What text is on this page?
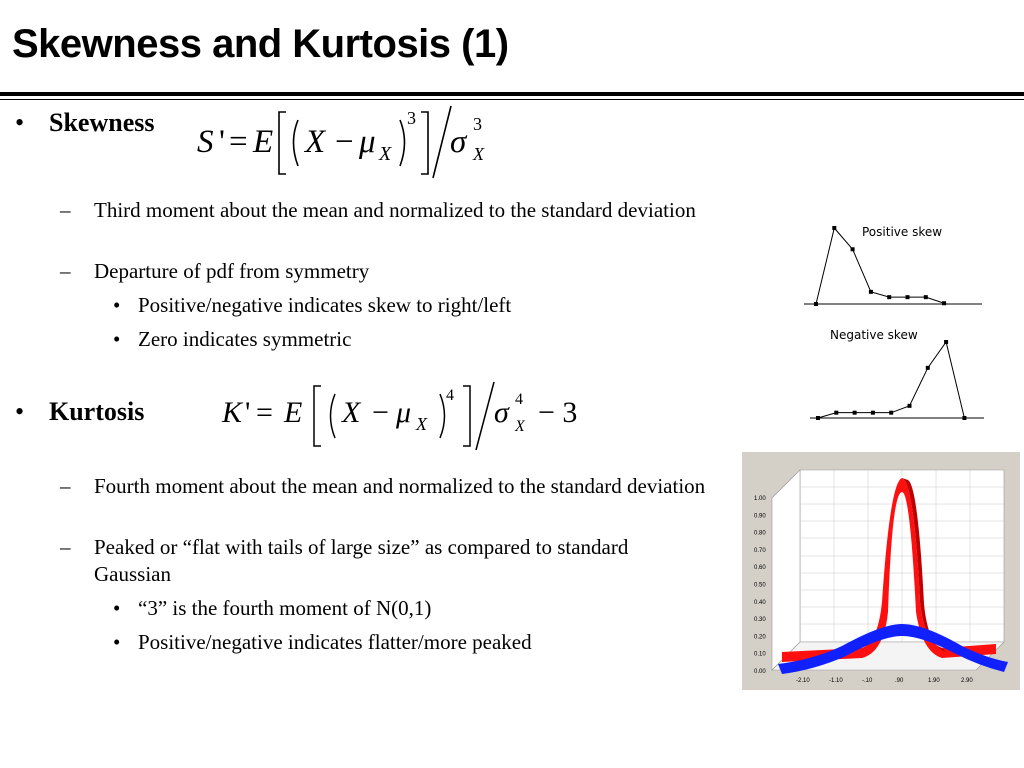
Skewness and Kurtosis (1)
• Skewness
S ' = E X − μ X
3
σ 3
X
– Third moment about the mean and normalized to the standard deviation
– Departure of pdf from symmetry
• Positive/negative indicates skew to right/left
• Zero indicates symmetric
• Kurtosis	K ' = E X − μ X
4
σ 4
X − 3
– Fourth moment about the mean and normalized to the standard deviation
– Peaked or “flat with tails of large size” as compared to standard Gaussian
• “3” is the fourth moment of N(0,1)
• Positive/negative indicates flatter/more peaked
Positive skew
Negative skew
1.00
0.90
0.80
0.70
0.60
0.50
0.40
0.30
0.20
0.10
0.00
-2.10	-1.10	-.10	.90	1.90	2.90
